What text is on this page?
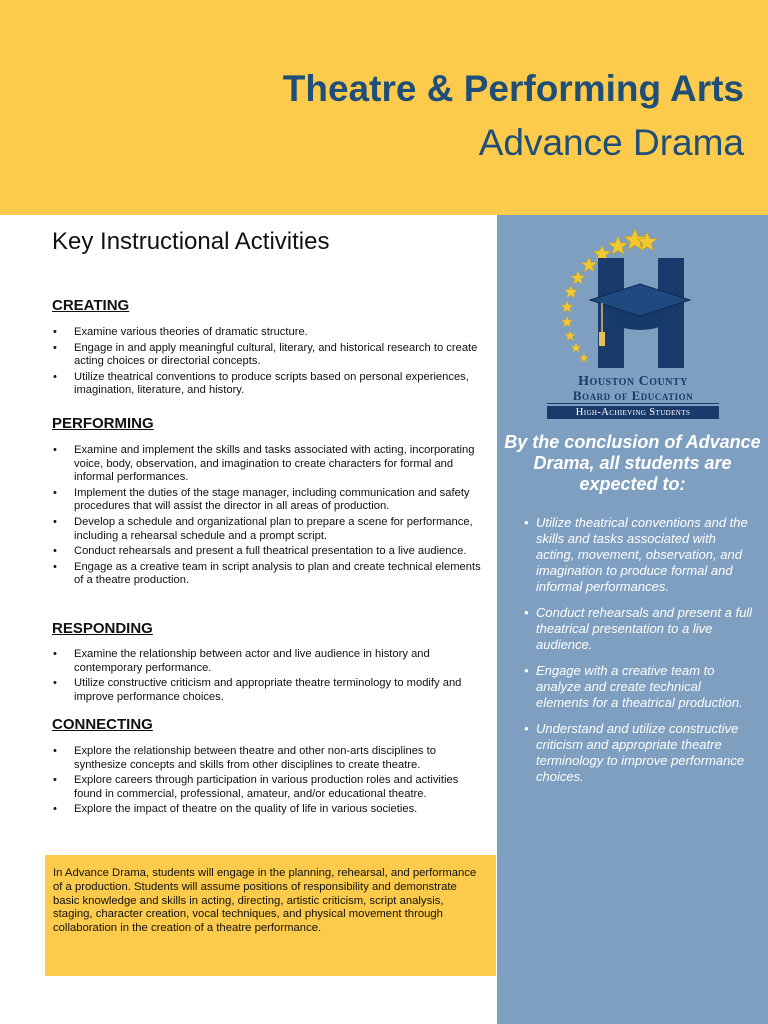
Theatre & Performing Arts
Advance Drama
Key Instructional Activities
CREATING
• Examine various theories of dramatic structure.
• Engage in and apply meaningful cultural, literary, and historical research to create acting choices or directorial concepts.
• Utilize theatrical conventions to produce scripts based on personal experiences, imagination, literature, and history.
PERFORMING
• Examine and implement the skills and tasks associated with acting, incorporating voice, body, observation, and imagination to create characters for formal and informal performances.
• Implement the duties of the stage manager, including communication and safety procedures that will assist the director in all areas of production.
• Develop a schedule and organizational plan to prepare a scene for performance, including a rehearsal schedule and a prompt script.
• Conduct rehearsals and present a full theatrical presentation to a live audience.
• Engage as a creative team in script analysis to plan and create technical elements of a theatre production.
RESPONDING
• Examine the relationship between actor and live audience in history and contemporary performance.
• Utilize constructive criticism and appropriate theatre terminology to modify and improve performance choices.
CONNECTING
• Explore the relationship between theatre and other non-arts disciplines to synthesize concepts and skills from other disciplines to create theatre.
• Explore careers through participation in various production roles and activities found in commercial, professional, amateur, and/or educational theatre.
• Explore the impact of theatre on the quality of life in various societies.

In Advance Drama, students will engage in the planning, rehearsal, and performance of a production. Students will assume positions of responsibility and demonstrate basic knowledge and skills in acting, directing, artistic criticism, script analysis, staging, character creation, vocal techniques, and physical movement through collaboration in the creation of a theatre performance.

Houston County
Board of Education
High-Achieving Students
By the conclusion of Advance Drama, all students are expected to:
• Utilize theatrical conventions and the skills and tasks associated with acting, movement, observation, and imagination to produce formal and informal performances.
• Conduct rehearsals and present a full theatrical presentation to a live audience.
• Engage with a creative team to analyze and create technical elements for a theatrical production.
• Understand and utilize constructive criticism and appropriate theatre terminology to improve performance choices.
